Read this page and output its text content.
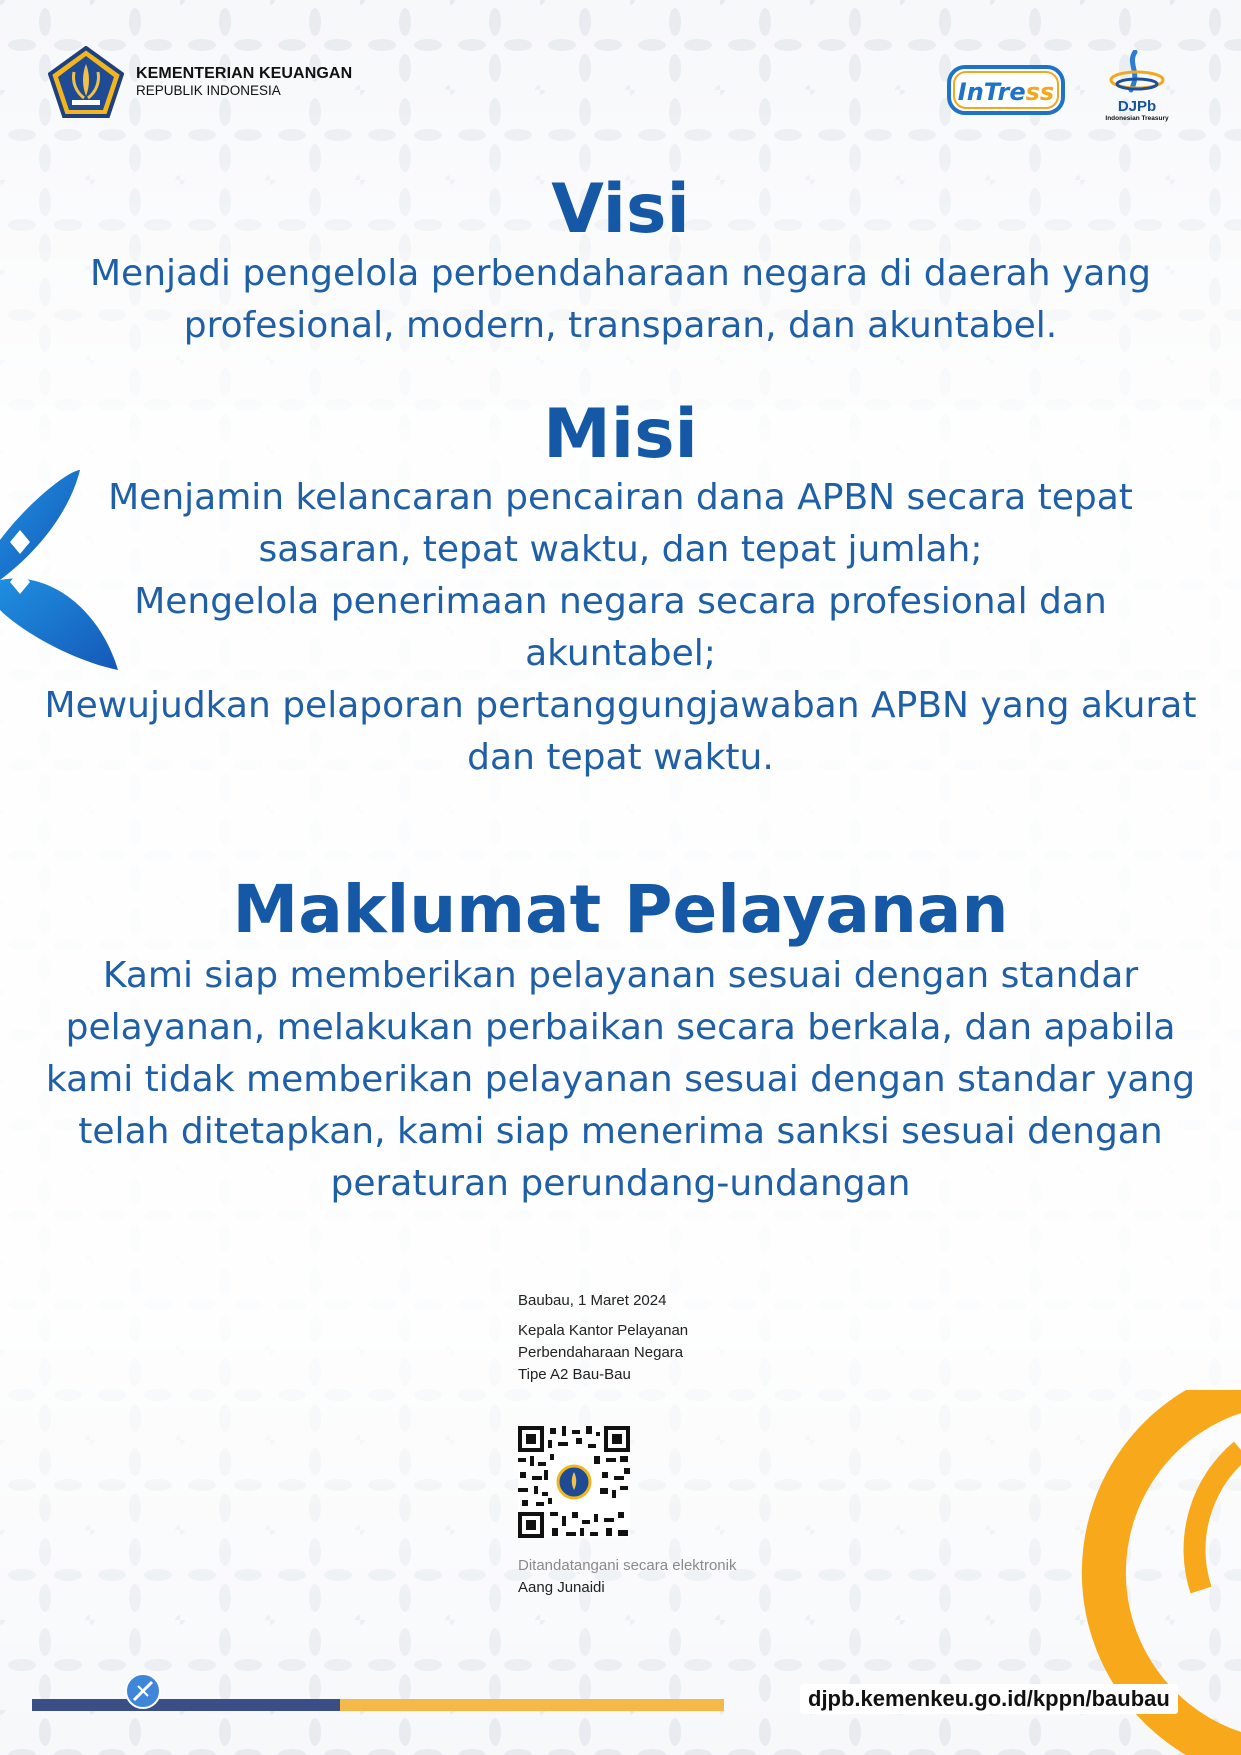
KEMENTERIAN KEUANGAN
REPUBLIK INDONESIA	InTress
DJPb
Indonesian Treasury
Visi
Menjadi pengelola perbendaharaan negara di daerah yang
profesional, modern, transparan, dan akuntabel.
Misi
Menjamin kelancaran pencairan dana APBN secara tepat
sasaran, tepat waktu, dan tepat jumlah;
Mengelola penerimaan negara secara profesional dan
akuntabel;
Mewujudkan pelaporan pertanggungjawaban APBN yang akurat
dan tepat waktu.
Maklumat Pelayanan
Kami siap memberikan pelayanan sesuai dengan standar
pelayanan, melakukan perbaikan secara berkala, dan apabila
kami tidak memberikan pelayanan sesuai dengan standar yang
telah ditetapkan, kami siap menerima sanksi sesuai dengan
peraturan perundang-undangan
Baubau, 1 Maret 2024
Kepala Kantor Pelayanan
Perbendaharaan Negara
Tipe A2 Bau-Bau
Ditandatangani secara elektronik
Aang Junaidi
djpb.kemenkeu.go.id/kppn/baubau
